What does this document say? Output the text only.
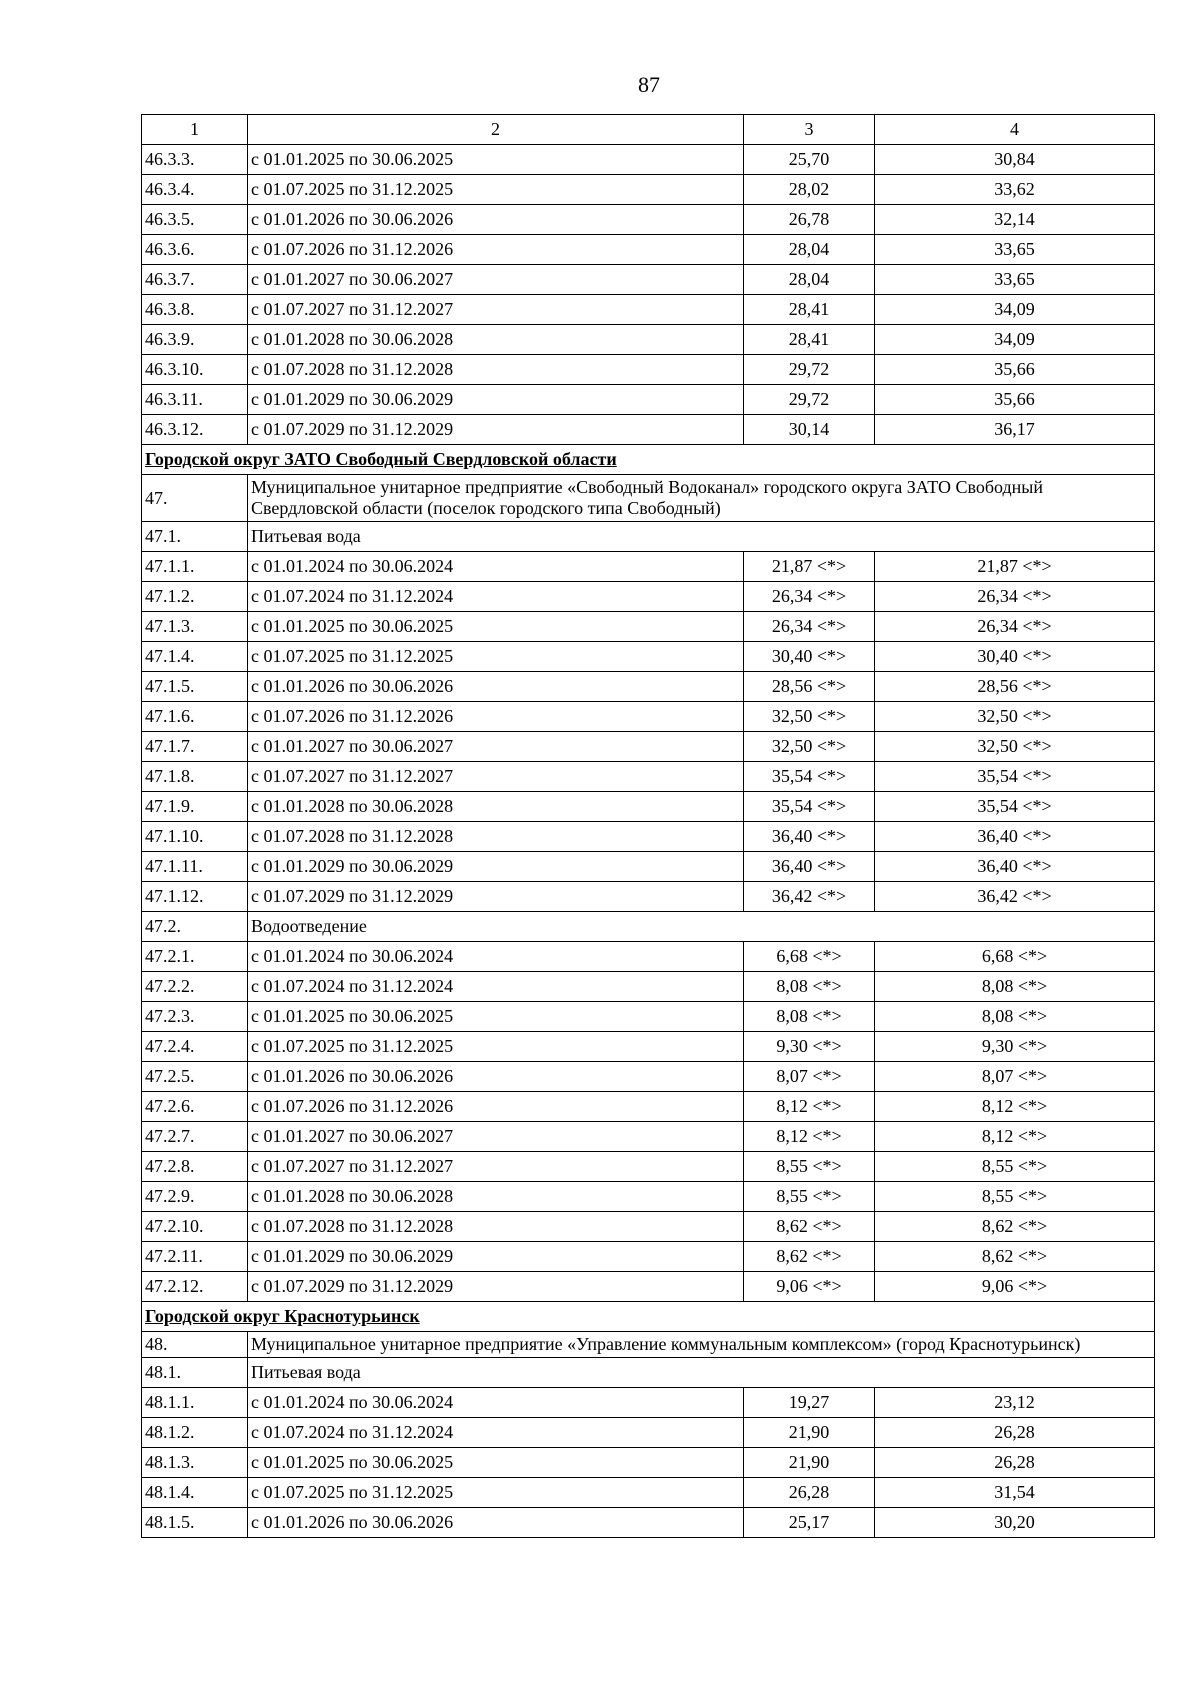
87
1	2	3	4
46.3.3.	с 01.01.2025 по 30.06.2025	25,70	30,84
46.3.4.	с 01.07.2025 по 31.12.2025	28,02	33,62
46.3.5.	с 01.01.2026 по 30.06.2026	26,78	32,14
46.3.6.	с 01.07.2026 по 31.12.2026	28,04	33,65
46.3.7.	с 01.01.2027 по 30.06.2027	28,04	33,65
46.3.8.	с 01.07.2027 по 31.12.2027	28,41	34,09
46.3.9.	с 01.01.2028 по 30.06.2028	28,41	34,09
46.3.10.	с 01.07.2028 по 31.12.2028	29,72	35,66
46.3.11.	с 01.01.2029 по 30.06.2029	29,72	35,66
46.3.12.	с 01.07.2029 по 31.12.2029	30,14	36,17
Городской округ ЗАТО Свободный Свердловской области			
47.	Муниципальное унитарное предприятие «Свободный Водоканал» городского округа ЗАТО Свободный Свердловской области (поселок городского типа Свободный)		
47.1.	Питьевая вода		
47.1.1.	с 01.01.2024 по 30.06.2024	21,87 <*>	21,87 <*>
47.1.2.	с 01.07.2024 по 31.12.2024	26,34 <*>	26,34 <*>
47.1.3.	с 01.01.2025 по 30.06.2025	26,34 <*>	26,34 <*>
47.1.4.	с 01.07.2025 по 31.12.2025	30,40 <*>	30,40 <*>
47.1.5.	с 01.01.2026 по 30.06.2026	28,56 <*>	28,56 <*>
47.1.6.	с 01.07.2026 по 31.12.2026	32,50 <*>	32,50 <*>
47.1.7.	с 01.01.2027 по 30.06.2027	32,50 <*>	32,50 <*>
47.1.8.	с 01.07.2027 по 31.12.2027	35,54 <*>	35,54 <*>
47.1.9.	с 01.01.2028 по 30.06.2028	35,54 <*>	35,54 <*>
47.1.10.	с 01.07.2028 по 31.12.2028	36,40 <*>	36,40 <*>
47.1.11.	с 01.01.2029 по 30.06.2029	36,40 <*>	36,40 <*>
47.1.12.	с 01.07.2029 по 31.12.2029	36,42 <*>	36,42 <*>
47.2.	Водоотведение		
47.2.1.	с 01.01.2024 по 30.06.2024	6,68 <*>	6,68 <*>
47.2.2.	с 01.07.2024 по 31.12.2024	8,08 <*>	8,08 <*>
47.2.3.	с 01.01.2025 по 30.06.2025	8,08 <*>	8,08 <*>
47.2.4.	с 01.07.2025 по 31.12.2025	9,30 <*>	9,30 <*>
47.2.5.	с 01.01.2026 по 30.06.2026	8,07 <*>	8,07 <*>
47.2.6.	с 01.07.2026 по 31.12.2026	8,12 <*>	8,12 <*>
47.2.7.	с 01.01.2027 по 30.06.2027	8,12 <*>	8,12 <*>
47.2.8.	с 01.07.2027 по 31.12.2027	8,55 <*>	8,55 <*>
47.2.9.	с 01.01.2028 по 30.06.2028	8,55 <*>	8,55 <*>
47.2.10.	с 01.07.2028 по 31.12.2028	8,62 <*>	8,62 <*>
47.2.11.	с 01.01.2029 по 30.06.2029	8,62 <*>	8,62 <*>
47.2.12.	с 01.07.2029 по 31.12.2029	9,06 <*>	9,06 <*>
Городской округ Краснотурьинск			
48.	Муниципальное унитарное предприятие «Управление коммунальным комплексом» (город Краснотурьинск)		
48.1.	Питьевая вода		
48.1.1.	с 01.01.2024 по 30.06.2024	19,27	23,12
48.1.2.	с 01.07.2024 по 31.12.2024	21,90	26,28
48.1.3.	с 01.01.2025 по 30.06.2025	21,90	26,28
48.1.4.	с 01.07.2025 по 31.12.2025	26,28	31,54
48.1.5.	с 01.01.2026 по 30.06.2026	25,17	30,20
